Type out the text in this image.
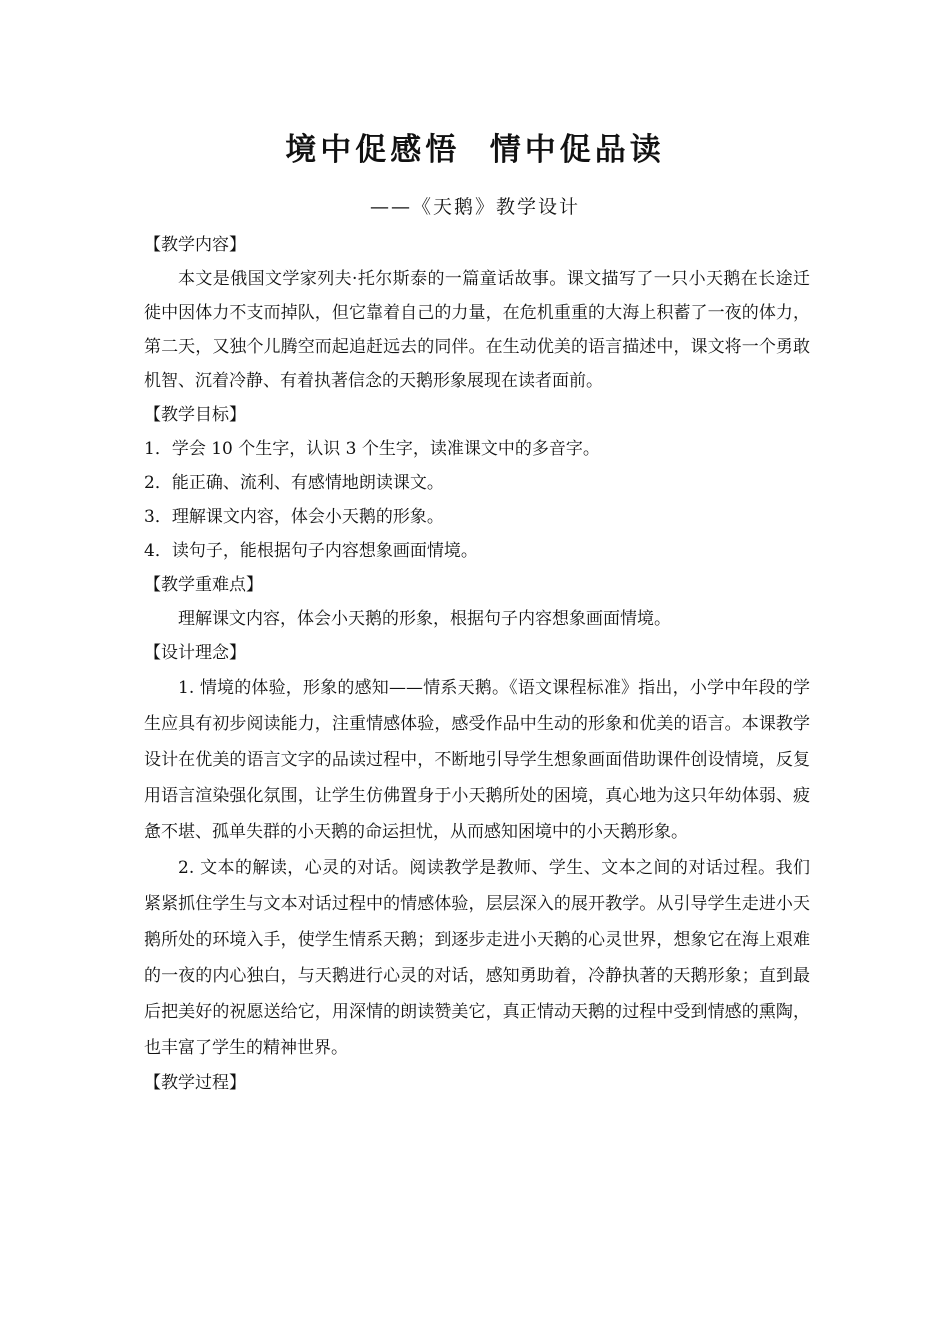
境中促感悟  情中促品读
——《天鹅》教学设计

【教学内容】

本文是俄国文学家列夫·托尔斯泰的一篇童话故事。课文描写了一只小天鹅在长途迁徙中因体力不支而掉队，但它靠着自己的力量，在危机重重的大海上积蓄了一夜的体力，第二天，又独个儿腾空而起追赶远去的同伴。在生动优美的语言描述中，课文将一个勇敢机智、沉着冷静、有着执著信念的天鹅形象展现在读者面前。

【教学目标】

1．学会 10 个生字，认识 3 个生字，读准课文中的多音字。

2．能正确、流利、有感情地朗读课文。

3．理解课文内容，体会小天鹅的形象。

4．读句子，能根据句子内容想象画面情境。

【教学重难点】

理解课文内容，体会小天鹅的形象，根据句子内容想象画面情境。

【设计理念】

1. 情境的体验，形象的感知——情系天鹅。《语文课程标准》指出，小学中年段的学生应具有初步阅读能力，注重情感体验，感受作品中生动的形象和优美的语言。本课教学设计在优美的语言文字的品读过程中，不断地引导学生想象画面借助课件创设情境，反复用语言渲染强化氛围，让学生仿佛置身于小天鹅所处的困境，真心地为这只年幼体弱、疲惫不堪、孤单失群的小天鹅的命运担忧，从而感知困境中的小天鹅形象。

2. 文本的解读，心灵的对话。阅读教学是教师、学生、文本之间的对话过程。我们紧紧抓住学生与文本对话过程中的情感体验，层层深入的展开教学。从引导学生走进小天鹅所处的环境入手，使学生情系天鹅；到逐步走进小天鹅的心灵世界，想象它在海上艰难的一夜的内心独白，与天鹅进行心灵的对话，感知勇助着，冷静执著的天鹅形象；直到最后把美好的祝愿送给它，用深情的朗读赞美它，真正情动天鹅的过程中受到情感的熏陶，也丰富了学生的精神世界。

【教学过程】
